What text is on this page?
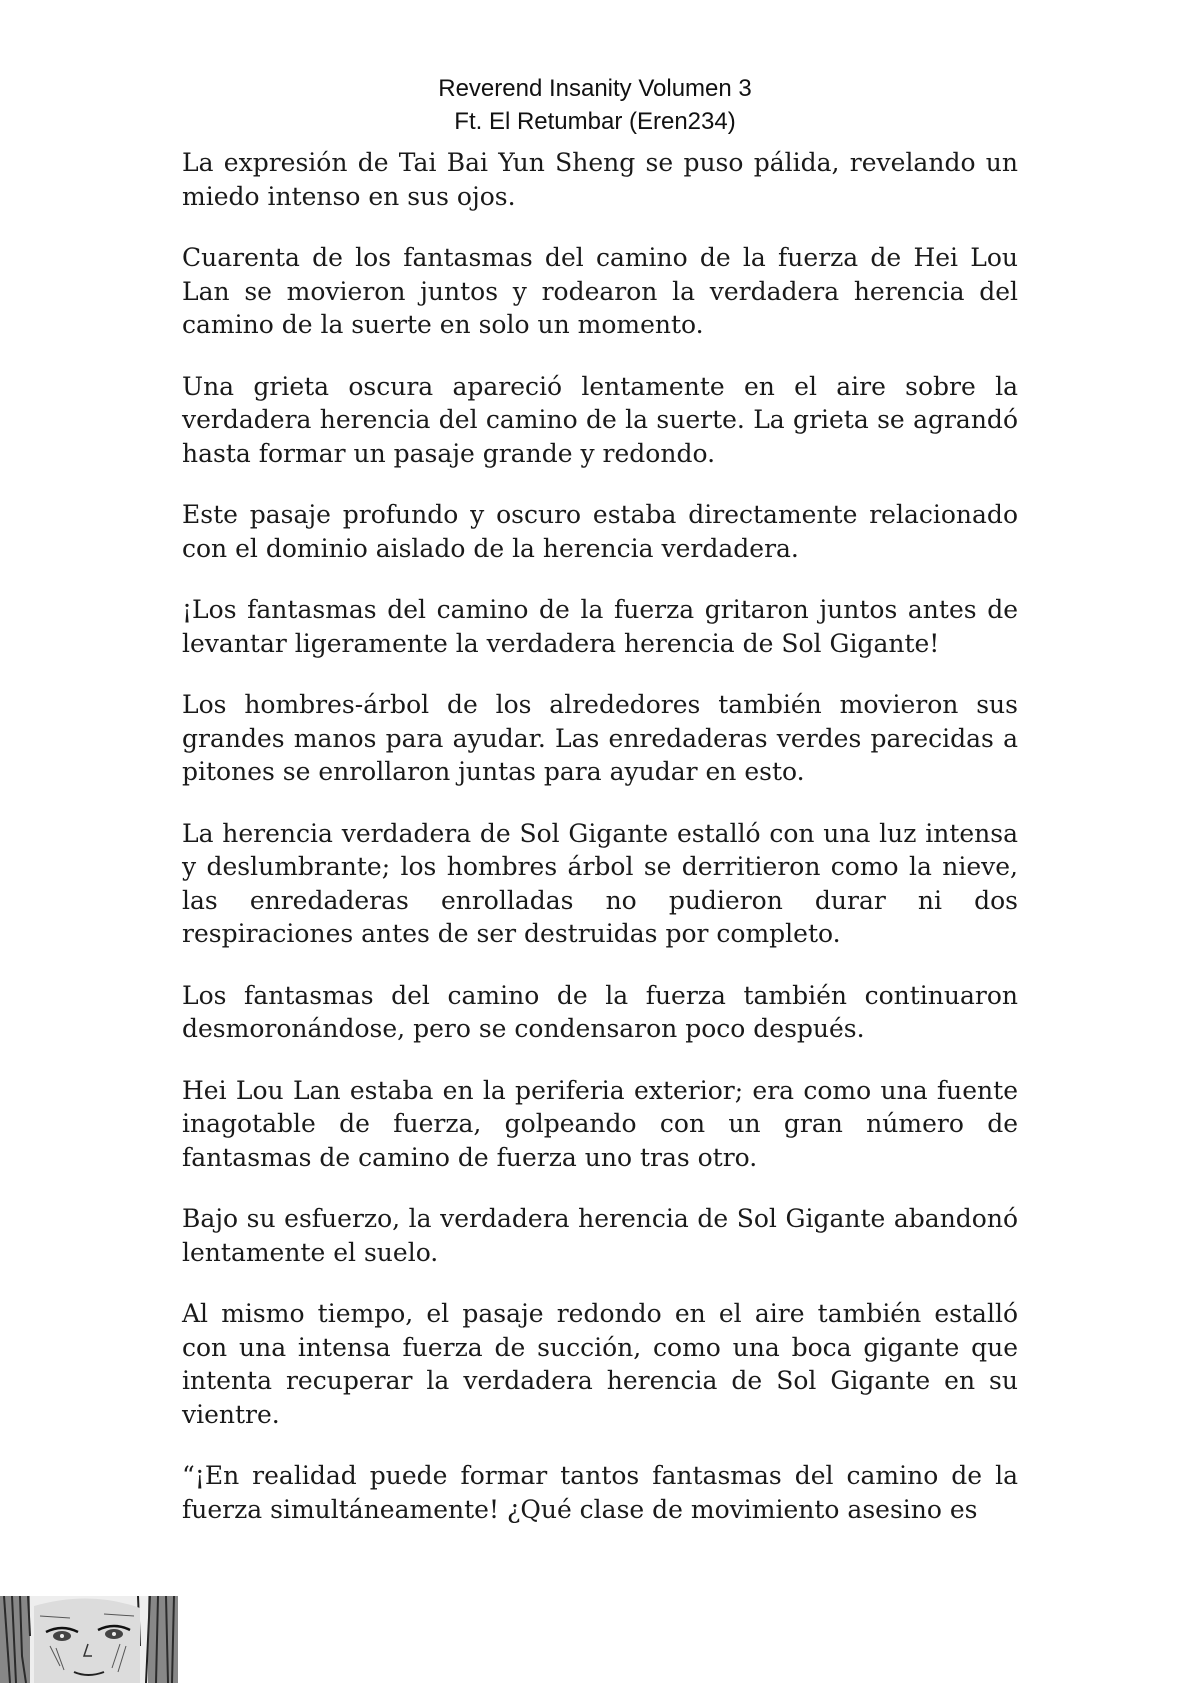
Reverend Insanity Volumen 3
Ft. El Retumbar (Eren234)

La expresión de Tai Bai Yun Sheng se puso pálida, revelando un miedo intenso en sus ojos.

Cuarenta de los fantasmas del camino de la fuerza de Hei Lou Lan se movieron juntos y rodearon la verdadera herencia del camino de la suerte en solo un momento.

Una grieta oscura apareció lentamente en el aire sobre la verdadera herencia del camino de la suerte. La grieta se agrandó hasta formar un pasaje grande y redondo.

Este pasaje profundo y oscuro estaba directamente relacionado con el dominio aislado de la herencia verdadera.

¡Los fantasmas del camino de la fuerza gritaron juntos antes de levantar ligeramente la verdadera herencia de Sol Gigante!

Los hombres-árbol de los alrededores también movieron sus grandes manos para ayudar. Las enredaderas verdes parecidas a pitones se enrollaron juntas para ayudar en esto.

La herencia verdadera de Sol Gigante estalló con una luz intensa y deslumbrante; los hombres árbol se derritieron como la nieve, las enredaderas enrolladas no pudieron durar ni dos respiraciones antes de ser destruidas por completo.

Los fantasmas del camino de la fuerza también continuaron desmoronándose, pero se condensaron poco después.

Hei Lou Lan estaba en la periferia exterior; era como una fuente inagotable de fuerza, golpeando con un gran número de fantasmas de camino de fuerza uno tras otro.

Bajo su esfuerzo, la verdadera herencia de Sol Gigante abandonó lentamente el suelo.

Al mismo tiempo, el pasaje redondo en el aire también estalló con una intensa fuerza de succión, como una boca gigante que intenta recuperar la verdadera herencia de Sol Gigante en su vientre.

“¡En realidad puede formar tantos fantasmas del camino de la fuerza simultáneamente! ¿Qué clase de movimiento asesino es
